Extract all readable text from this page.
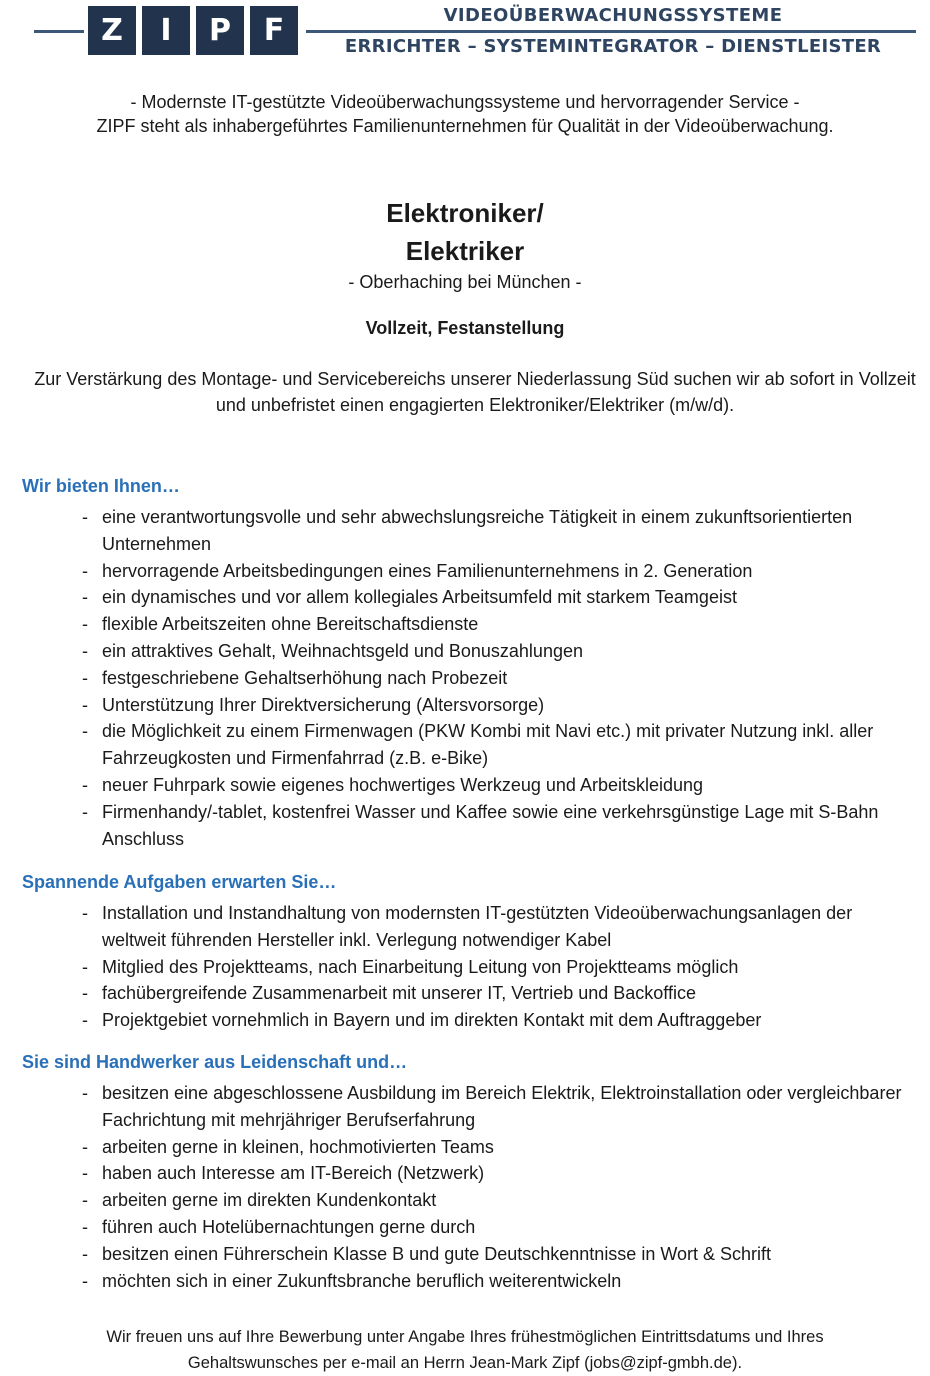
Z	I	P	F	VIDEOÜBERWACHUNGSSYSTEME
ERRICHTER – SYSTEMINTEGRATOR – DIENSTLEISTER
- Modernste IT-gestützte Videoüberwachungssysteme und hervorragender Service -
ZIPF steht als inhabergeführtes Familienunternehmen für Qualität in der Videoüberwachung.
Elektroniker/
Elektriker
- Oberhaching bei München -
Vollzeit, Festanstellung
Zur Verstärkung des Montage- und Servicebereichs unserer Niederlassung Süd suchen wir ab sofort in Vollzeit und unbefristet einen engagierten Elektroniker/Elektriker (m/w/d).
Wir bieten Ihnen…
- eine verantwortungsvolle und sehr abwechslungsreiche Tätigkeit in einem zukunftsorientierten Unternehmen
- hervorragende Arbeitsbedingungen eines Familienunternehmens in 2. Generation
- ein dynamisches und vor allem kollegiales Arbeitsumfeld mit starkem Teamgeist
- flexible Arbeitszeiten ohne Bereitschaftsdienste
- ein attraktives Gehalt, Weihnachtsgeld und Bonuszahlungen
- festgeschriebene Gehaltserhöhung nach Probezeit
- Unterstützung Ihrer Direktversicherung (Altersvorsorge)
- die Möglichkeit zu einem Firmenwagen (PKW Kombi mit Navi etc.) mit privater Nutzung inkl. aller Fahrzeugkosten und Firmenfahrrad (z.B. e-Bike)
- neuer Fuhrpark sowie eigenes hochwertiges Werkzeug und Arbeitskleidung
- Firmenhandy/-tablet, kostenfrei Wasser und Kaffee sowie eine verkehrsgünstige Lage mit S-Bahn Anschluss
Spannende Aufgaben erwarten Sie…
- Installation und Instandhaltung von modernsten IT-gestützten Videoüberwachungsanlagen der weltweit führenden Hersteller inkl. Verlegung notwendiger Kabel
- Mitglied des Projektteams, nach Einarbeitung Leitung von Projektteams möglich
- fachübergreifende Zusammenarbeit mit unserer IT, Vertrieb und Backoffice
- Projektgebiet vornehmlich in Bayern und im direkten Kontakt mit dem Auftraggeber
Sie sind Handwerker aus Leidenschaft und…
- besitzen eine abgeschlossene Ausbildung im Bereich Elektrik, Elektroinstallation oder vergleichbarer Fachrichtung mit mehrjähriger Berufserfahrung
- arbeiten gerne in kleinen, hochmotivierten Teams
- haben auch Interesse am IT-Bereich (Netzwerk)
- arbeiten gerne im direkten Kundenkontakt
- führen auch Hotelübernachtungen gerne durch
- besitzen einen Führerschein Klasse B und gute Deutschkenntnisse in Wort & Schrift
- möchten sich in einer Zukunftsbranche beruflich weiterentwickeln
Wir freuen uns auf Ihre Bewerbung unter Angabe Ihres frühestmöglichen Eintrittsdatums und Ihres
Gehaltswunsches per e-mail an Herrn Jean-Mark Zipf (jobs@zipf-gmbh.de).
